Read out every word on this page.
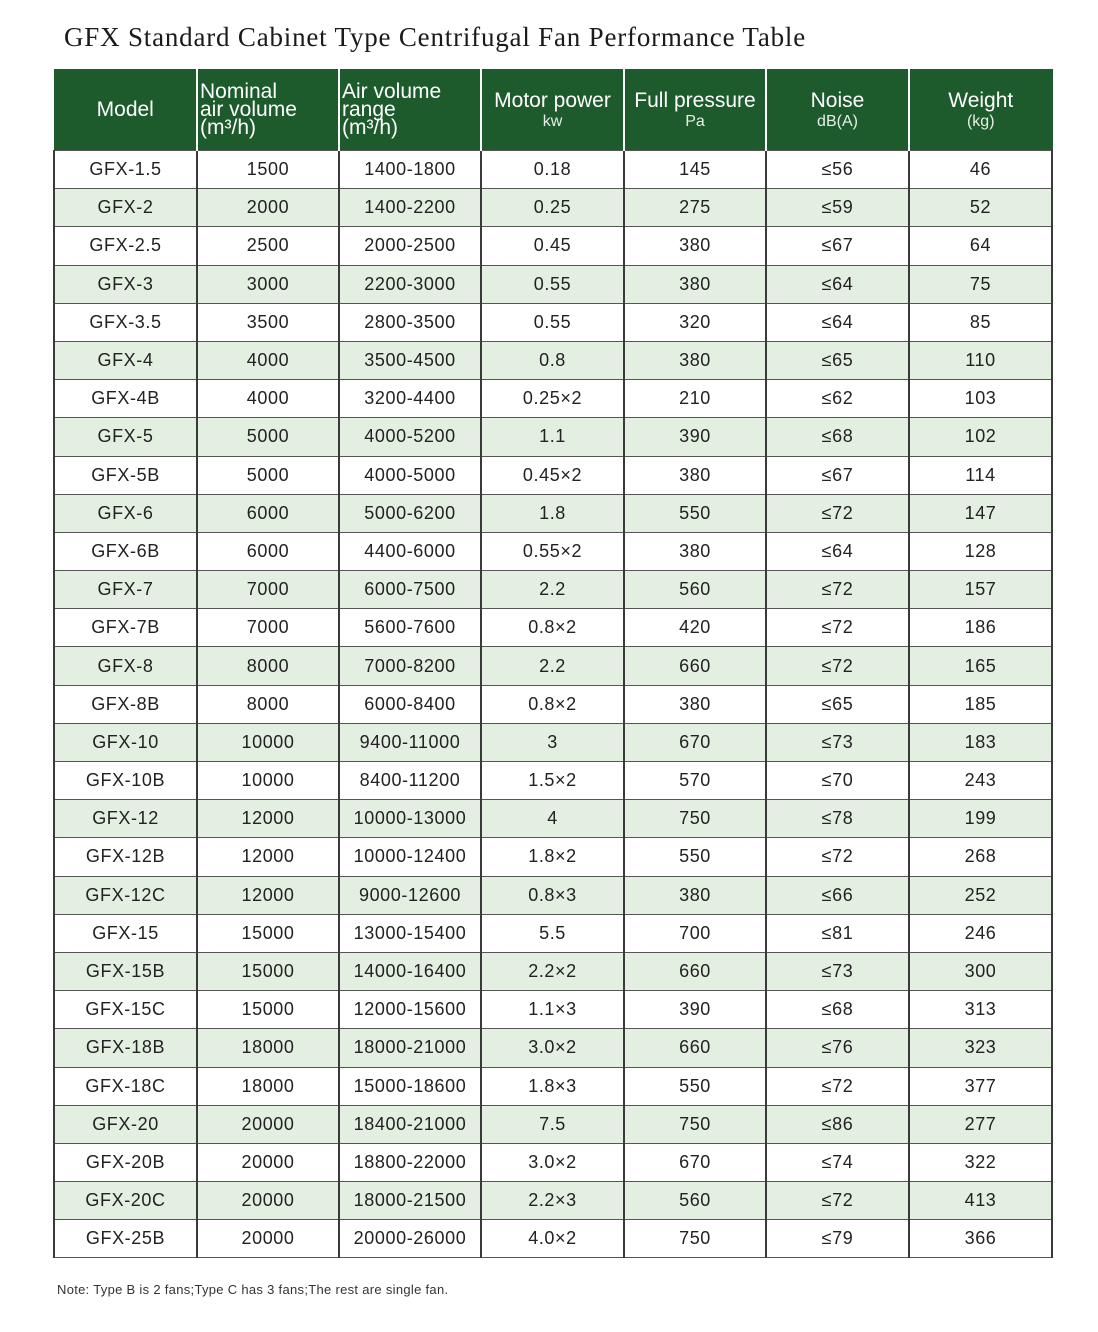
GFX Standard Cabinet Type Centrifugal Fan Performance Table
Model	Nominal
air volume
(m³/h)	Air volume
range
(m³/h)	Motor power
kw	Full pressure
Pa	Noise
dB(A)	Weight
(kg)

GFX-1.5	1500	1400-1800	0.18	145	≤56	46
GFX-2	2000	1400-2200	0.25	275	≤59	52
GFX-2.5	2500	2000-2500	0.45	380	≤67	64
GFX-3	3000	2200-3000	0.55	380	≤64	75
GFX-3.5	3500	2800-3500	0.55	320	≤64	85
GFX-4	4000	3500-4500	0.8	380	≤65	110
GFX-4B	4000	3200-4400	0.25×2	210	≤62	103
GFX-5	5000	4000-5200	1.1	390	≤68	102
GFX-5B	5000	4000-5000	0.45×2	380	≤67	114
GFX-6	6000	5000-6200	1.8	550	≤72	147
GFX-6B	6000	4400-6000	0.55×2	380	≤64	128
GFX-7	7000	6000-7500	2.2	560	≤72	157
GFX-7B	7000	5600-7600	0.8×2	420	≤72	186
GFX-8	8000	7000-8200	2.2	660	≤72	165
GFX-8B	8000	6000-8400	0.8×2	380	≤65	185
GFX-10	10000	9400-11000	3	670	≤73	183
GFX-10B	10000	8400-11200	1.5×2	570	≤70	243
GFX-12	12000	10000-13000	4	750	≤78	199
GFX-12B	12000	10000-12400	1.8×2	550	≤72	268
GFX-12C	12000	9000-12600	0.8×3	380	≤66	252
GFX-15	15000	13000-15400	5.5	700	≤81	246
GFX-15B	15000	14000-16400	2.2×2	660	≤73	300
GFX-15C	15000	12000-15600	1.1×3	390	≤68	313
GFX-18B	18000	18000-21000	3.0×2	660	≤76	323
GFX-18C	18000	15000-18600	1.8×3	550	≤72	377
GFX-20	20000	18400-21000	7.5	750	≤86	277
GFX-20B	20000	18800-22000	3.0×2	670	≤74	322
GFX-20C	20000	18000-21500	2.2×3	560	≤72	413
GFX-25B	20000	20000-26000	4.0×2	750	≤79	366
Note: Type B is 2 fans;Type C has 3 fans;The rest are single fan.
